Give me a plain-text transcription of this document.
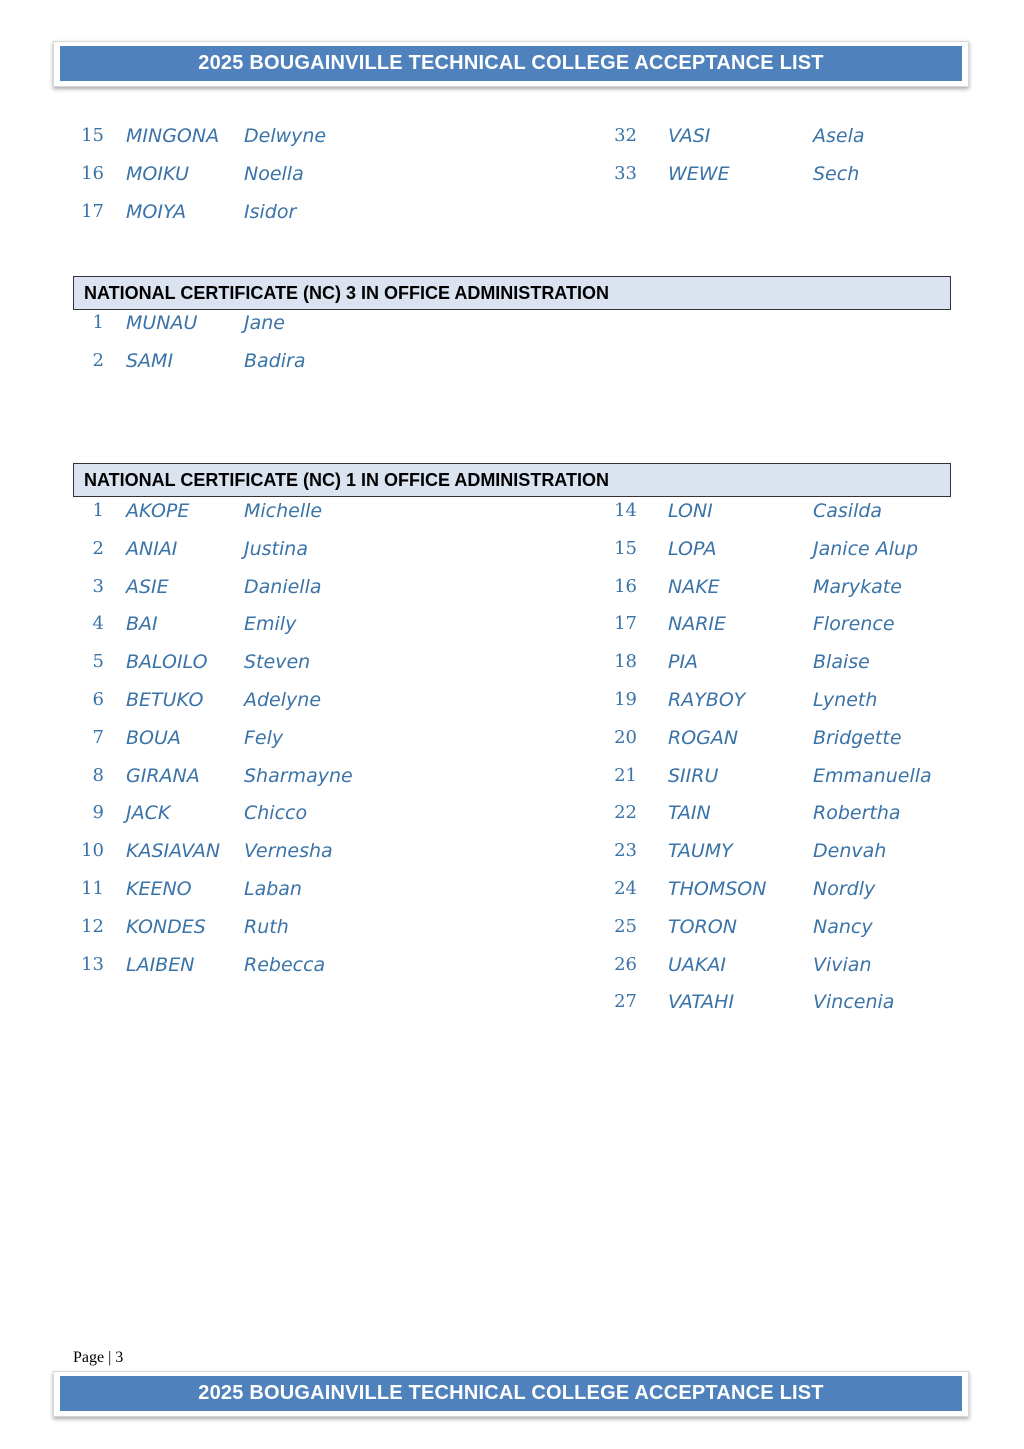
2025 BOUGAINVILLE TECHNICAL COLLEGE ACCEPTANCE LIST
15 MINGONA Delwyne
16 MOIKU	Noella
17 MOIYA	Isidor
32 VASI	Asela
33 WEWE	Sech
NATIONAL CERTIFICATE (NC) 3 IN OFFICE ADMINISTRATION
1 MUNAU Jane
2 SAMI	Badira
NATIONAL CERTIFICATE (NC) 1 IN OFFICE ADMINISTRATION
1 AKOPE	Michelle
2 ANIAI	Justina
3 ASIE	Daniella
4 BAI	Emily
5 BALOILO Steven
6 BETUKO Adelyne
7 BOUA	Fely
8 GIRANA Sharmayne
9 JACK	Chicco
10 KASIAVAN Vernesha
11 KEENO	Laban
12 KONDES Ruth
13 LAIBEN	Rebecca
14 LONI	Casilda
15 LOPA	Janice Alup
16 NAKE	Marykate
17 NARIE	Florence
18 PIA	Blaise
19 RAYBOY	Lyneth
20 ROGAN	Bridgette
21 SIIRU	Emmanuella
22 TAIN	Robertha
23 TAUMY	Denvah
24 THOMSON Nordly
25 TORON	Nancy
26 UAKAI	Vivian
27 VATAHI	Vincenia
Page | 3
2025 BOUGAINVILLE TECHNICAL COLLEGE ACCEPTANCE LIST
